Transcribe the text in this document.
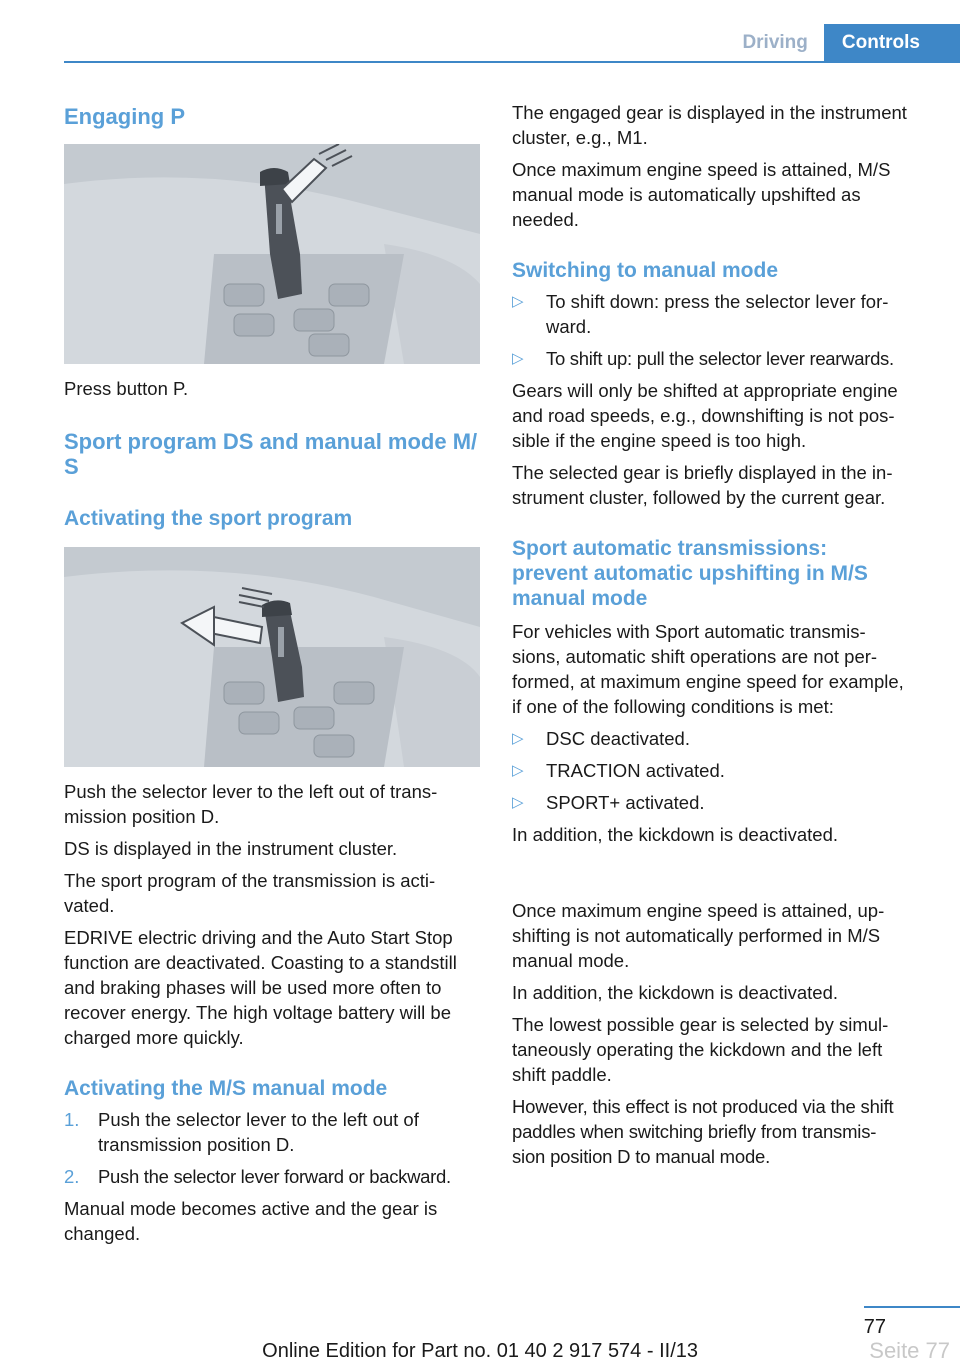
Driving	Controls
Engaging P

Press button P.

Sport program DS and manual mode M/
S
Activating the sport program

Push the selector lever to the left out of trans-
mission position D.

DS is displayed in the instrument cluster.

The sport program of the transmission is acti-
vated.

EDRIVE electric driving and the Auto Start Stop
function are deactivated. Coasting to a standstill
and braking phases will be used more often to
recover energy. The high voltage battery will be
charged more quickly.

Activating the M/S manual mode
1. Push the selector lever to the left out of
transmission position D.
2. Push the selector lever forward or backward.

Manual mode becomes active and the gear is
changed.

The engaged gear is displayed in the instrument
cluster, e.g., M1.

Once maximum engine speed is attained, M/S
manual mode is automatically upshifted as
needed.

Switching to manual mode
▷ To shift down: press the selector lever for-
ward.
▷ To shift up: pull the selector lever rearwards.

Gears will only be shifted at appropriate engine
and road speeds, e.g., downshifting is not pos-
sible if the engine speed is too high.

The selected gear is briefly displayed in the in-
strument cluster, followed by the current gear.

Sport automatic transmissions:
prevent automatic upshifting in M/S
manual mode

For vehicles with Sport automatic transmis-
sions, automatic shift operations are not per-
formed, at maximum engine speed for example,
if one of the following conditions is met:

▷ DSC deactivated.
▷ TRACTION activated.
▷ SPORT+ activated.

In addition, the kickdown is deactivated.

Once maximum engine speed is attained, up-
shifting is not automatically performed in M/S
manual mode.

In addition, the kickdown is deactivated.

The lowest possible gear is selected by simul-
taneously operating the kickdown and the left
shift paddle.

However, this effect is not produced via the shift
paddles when switching briefly from transmis-
sion position D to manual mode.

77
Online Edition for Part no. 01 40 2 917 574 - II/13	Seite 77
